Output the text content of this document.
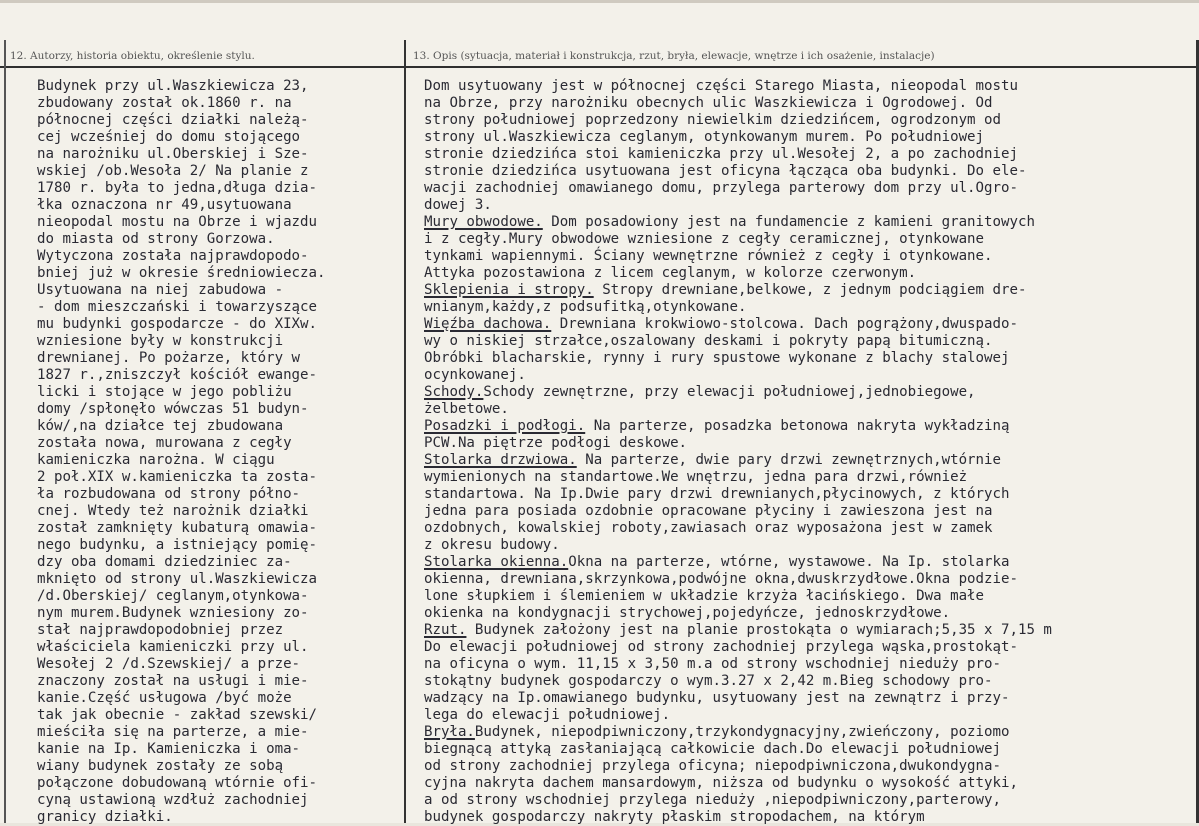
12. Autorzy, historia obiektu, określenie stylu.	13. Opis (sytuacja, materiał i konstrukcja, rzut, bryła, elewacje, wnętrze i ich osażenie, instalacje)
Budynek przy ul.Waszkiewicza 23,
zbudowany został ok.1860 r. na
północnej części działki należą-
cej wcześniej do domu stojącego
na narożniku ul.Oberskiej i Sze-
wskiej /ob.Wesoła 2/ Na planie z
1780 r. była to jedna,długa dzia-
łka oznaczona nr 49,usytuowana
nieopodal mostu na Obrze i wjazdu
do miasta od strony Gorzowa.
Wytyczona została najprawdopodo-
bniej już w okresie średniowiecza.
Usytuowana na niej zabudowa -
- dom mieszczański i towarzyszące
mu budynki gospodarcze - do XIXw.
wzniesione były w konstrukcji
drewnianej. Po pożarze, który w
1827 r.,zniszczył kościół ewange-
licki i stojące w jego pobliżu
domy /spłonęło wówczas 51 budyn-
ków/,na działce tej zbudowana
została nowa, murowana z cegły
kamieniczka narożna. W ciągu
2 poł.XIX w.kamieniczka ta zosta-
ła rozbudowana od strony półno-
cnej. Wtedy też narożnik działki
został zamknięty kubaturą omawia-
nego budynku, a istniejący pomię-
dzy oba domami dziedziniec za-
mknięto od strony ul.Waszkiewicza
/d.Oberskiej/ ceglanym,otynkowa-
nym murem.Budynek wzniesiony zo-
stał najprawdopodobniej przez
właściciela kamieniczki przy ul.
Wesołej 2 /d.Szewskiej/ a prze-
znaczony został na usługi i mie-
kanie.Część usługowa /być może
tak jak obecnie - zakład szewski/
mieściła się na parterze, a mie-
kanie na Ip. Kamieniczka i oma-
wiany budynek zostały ze sobą
połączone dobudowaną wtórnie ofi-
cyną ustawioną wzdłuż zachodniej
granicy działki.
Dom usytuowany jest w północnej części Starego Miasta, nieopodal mostu
na Obrze, przy narożniku obecnych ulic Waszkiewicza i Ogrodowej. Od
strony południowej poprzedzony niewielkim dziedzińcem, ogrodzonym od
strony ul.Waszkiewicza ceglanym, otynkowanym murem. Po południowej
stronie dziedzińca stoi kamieniczka przy ul.Wesołej 2, a po zachodniej
stronie dziedzińca usytuowana jest oficyna łącząca oba budynki. Do ele-
wacji zachodniej omawianego domu, przylega parterowy dom przy ul.Ogro-
dowej 3.
Mury obwodowe. Dom posadowiony jest na fundamencie z kamieni granitowych
i z cegły.Mury obwodowe wzniesione z cegły ceramicznej, otynkowane
tynkami wapiennymi. Ściany wewnętrzne również z cegły i otynkowane.
Attyka pozostawiona z licem ceglanym, w kolorze czerwonym.
Sklepienia i stropy. Stropy drewniane,belkowe, z jednym podciągiem dre-
wnianym,każdy,z podsufitką,otynkowane.
Więźba dachowa. Drewniana krokwiowo-stolcowa. Dach pogrążony,dwuspado-
wy o niskiej strzałce,oszalowany deskami i pokryty papą bitumiczną.
Obróbki blacharskie, rynny i rury spustowe wykonane z blachy stalowej
ocynkowanej.
Schody.Schody zewnętrzne, przy elewacji południowej,jednobiegowe,
żelbetowe.
Posadzki i podłogi. Na parterze, posadzka betonowa nakryta wykładziną
PCW.Na piętrze podłogi deskowe.
Stolarka drzwiowa. Na parterze, dwie pary drzwi zewnętrznych,wtórnie
wymienionych na standartowe.We wnętrzu, jedna para drzwi,również
standartowa. Na Ip.Dwie pary drzwi drewnianych,płycinowych, z których
jedna para posiada ozdobnie opracowane płyciny i zawieszona jest na
ozdobnych, kowalskiej roboty,zawiasach oraz wyposażona jest w zamek
z okresu budowy.
Stolarka okienna.Okna na parterze, wtórne, wystawowe. Na Ip. stolarka
okienna, drewniana,skrzynkowa,podwójne okna,dwuskrzydłowe.Okna podzie-
lone słupkiem i ślemieniem w układzie krzyża łacińskiego. Dwa małe
okienka na kondygnacji strychowej,pojedyńcze, jednoskrzydłowe.
Rzut. Budynek założony jest na planie prostokąta o wymiarach;5,35 x 7,15 m
Do elewacji południowej od strony zachodniej przylega wąska,prostokąt-
na oficyna o wym. 11,15 x 3,50 m.a od strony wschodniej nieduży pro-
stokątny budynek gospodarczy o wym.3.27 x 2,42 m.Bieg schodowy pro-
wadzący na Ip.omawianego budynku, usytuowany jest na zewnątrz i przy-
lega do elewacji południowej.
Bryła.Budynek, niepodpiwniczony,trzykondygnacyjny,zwieńczony, poziomo
biegnącą attyką zasłaniającą całkowicie dach.Do elewacji południowej
od strony zachodniej przylega oficyna; niepodpiwniczona,dwukondygna-
cyjna nakryta dachem mansardowym, niższa od budynku o wysokość attyki,
a od strony wschodniej przylega nieduży ,niepodpiwniczony,parterowy,
budynek gospodarczy nakryty płaskim stropodachem, na którym
